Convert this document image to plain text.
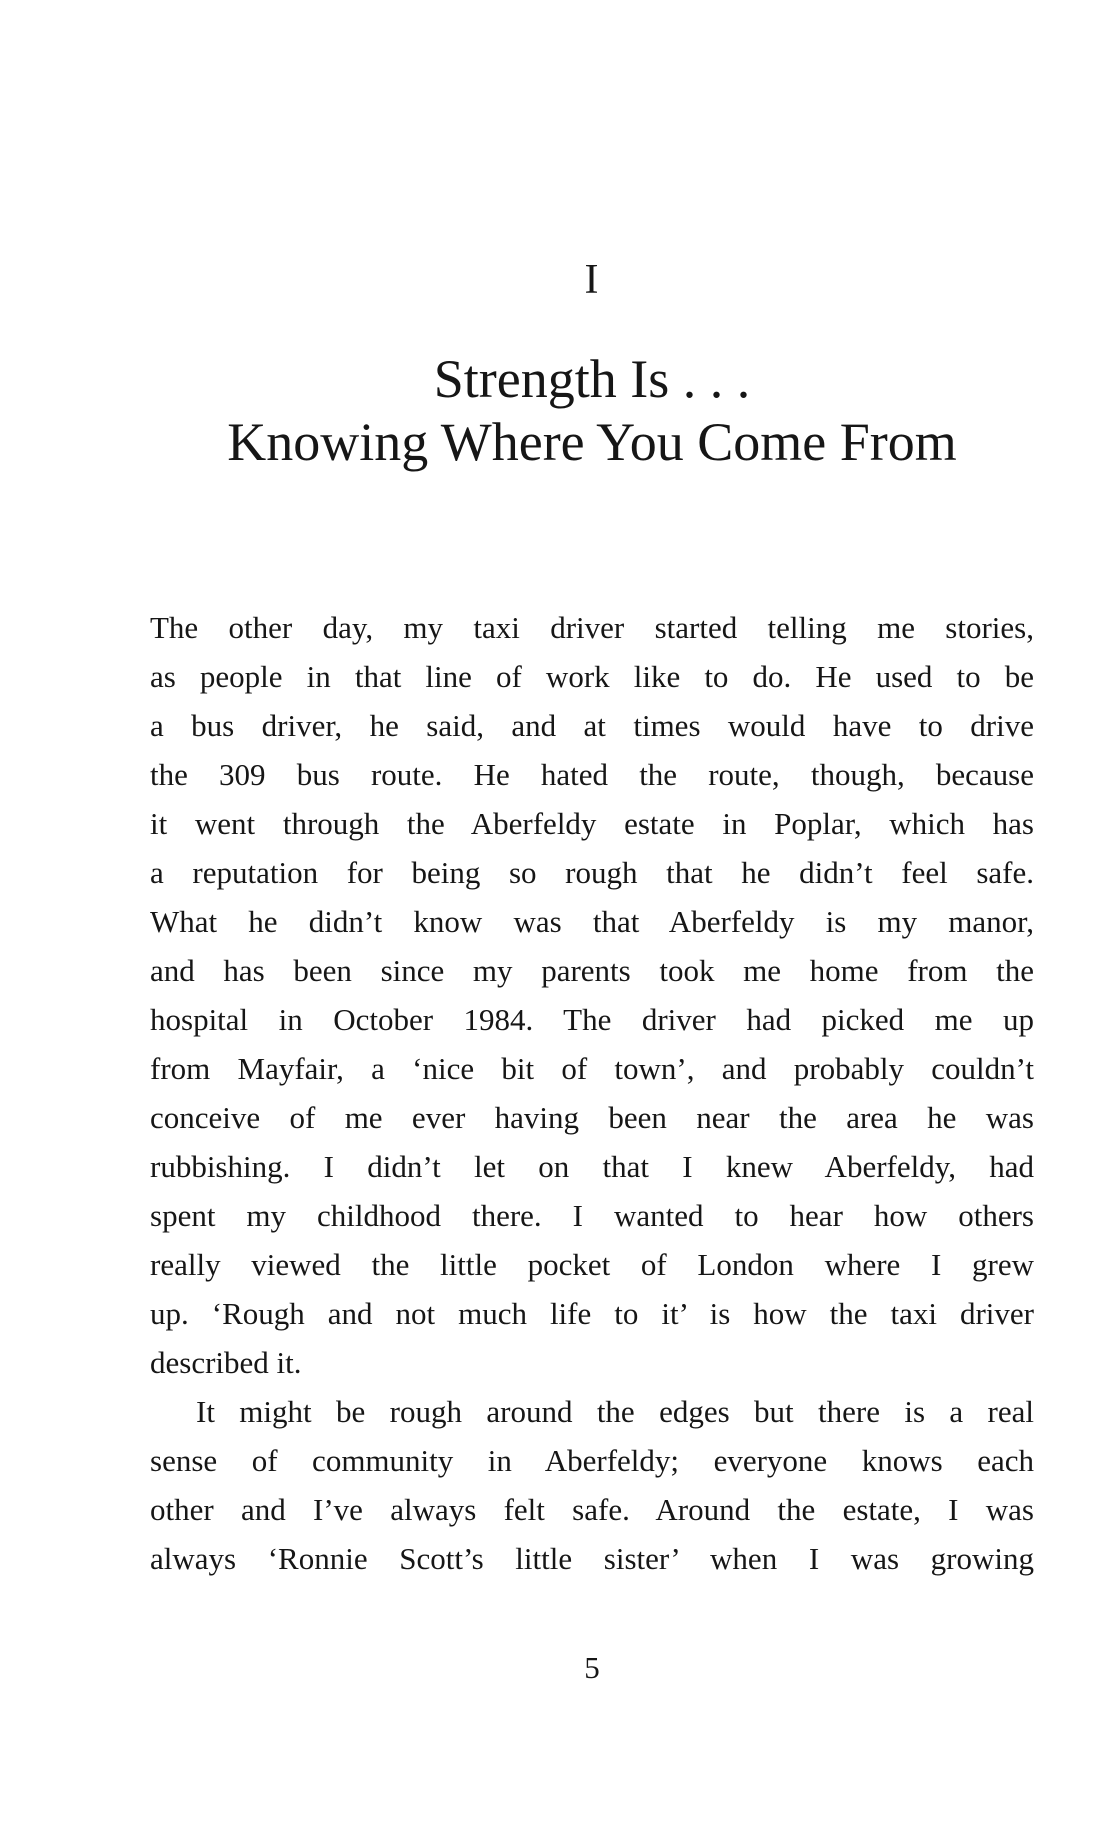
I
Strength Is . . .
Knowing Where You Come From
The other day, my taxi driver started telling me stories,
as people in that line of work like to do. He used to be
a bus driver, he said, and at times would have to drive
the 309 bus route. He hated the route, though, because
it went through the Aberfeldy estate in Poplar, which has
a reputation for being so rough that he didn’t feel safe.
What he didn’t know was that Aberfeldy is my manor,
and has been since my parents took me home from the
hospital in October 1984. The driver had picked me up
from Mayfair, a ‘nice bit of town’, and probably couldn’t
conceive of me ever having been near the area he was
rubbishing. I didn’t let on that I knew Aberfeldy, had
spent my childhood there. I wanted to hear how others
really viewed the little pocket of London where I grew
up. ‘Rough and not much life to it’ is how the taxi driver
described it.
It might be rough around the edges but there is a real
sense of community in Aberfeldy; everyone knows each
other and I’ve always felt safe. Around the estate, I was
always ‘Ronnie Scott’s little sister’ when I was growing
5
